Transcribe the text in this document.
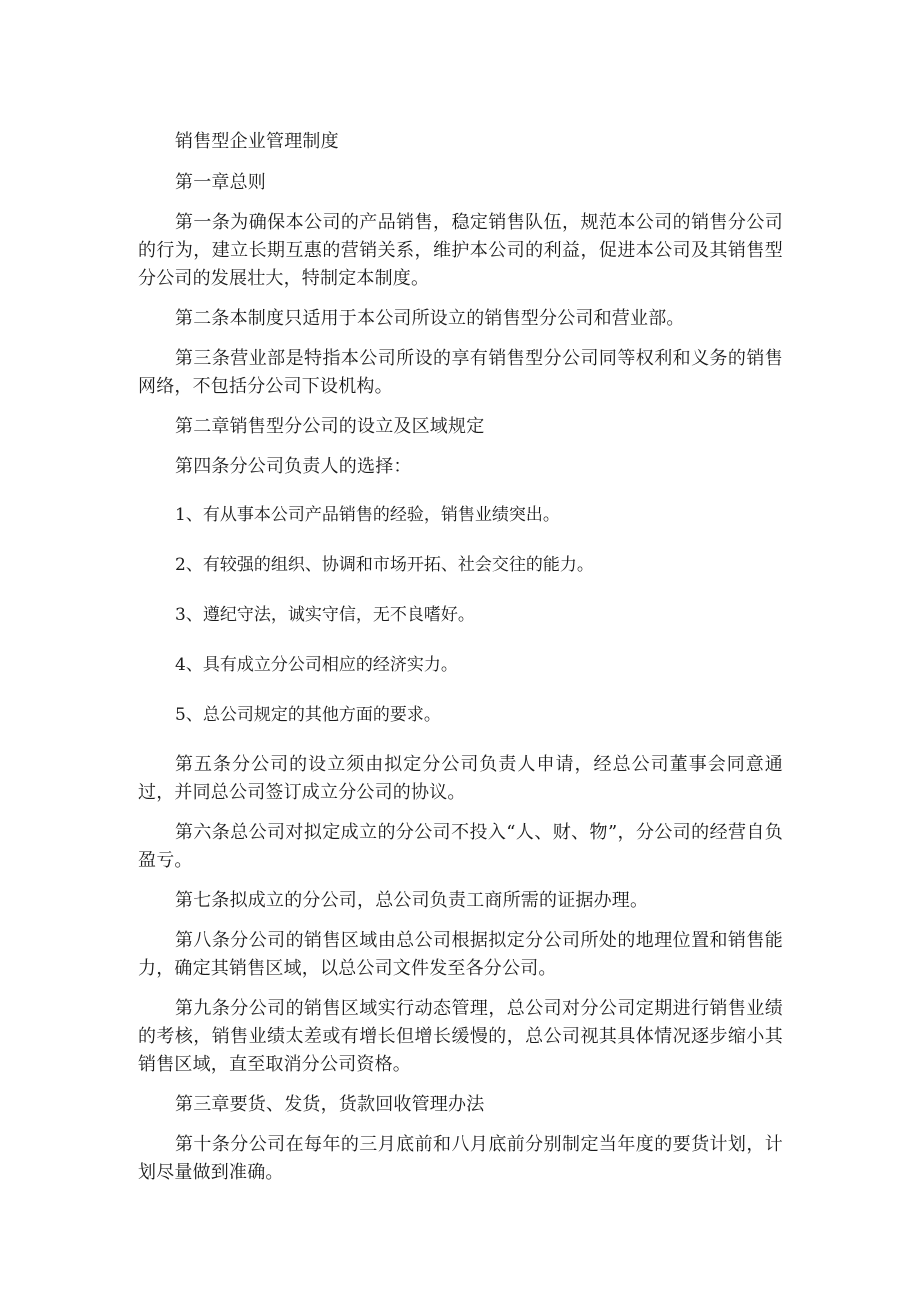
销售型企业管理制度

第一章总则

第一条为确保本公司的产品销售，稳定销售队伍，规范本公司的销售分公司的行为，建立长期互惠的营销关系，维护本公司的利益，促进本公司及其销售型分公司的发展壮大，特制定本制度。

第二条本制度只适用于本公司所设立的销售型分公司和营业部。

第三条营业部是特指本公司所设的享有销售型分公司同等权利和义务的销售网络，不包括分公司下设机构。

第二章销售型分公司的设立及区域规定

第四条分公司负责人的选择：

1、有从事本公司产品销售的经验，销售业绩突出。

2、有较强的组织、协调和市场开拓、社会交往的能力。

3、遵纪守法，诚实守信，无不良嗜好。

4、具有成立分公司相应的经济实力。

5、总公司规定的其他方面的要求。

第五条分公司的设立须由拟定分公司负责人申请，经总公司董事会同意通过，并同总公司签订成立分公司的协议。

第六条总公司对拟定成立的分公司不投入“人、财、物”，分公司的经营自负盈亏。

第七条拟成立的分公司，总公司负责工商所需的证据办理。

第八条分公司的销售区域由总公司根据拟定分公司所处的地理位置和销售能力，确定其销售区域，以总公司文件发至各分公司。

第九条分公司的销售区域实行动态管理，总公司对分公司定期进行销售业绩的考核，销售业绩太差或有增长但增长缓慢的，总公司视其具体情况逐步缩小其销售区域，直至取消分公司资格。

第三章要货、发货，货款回收管理办法

第十条分公司在每年的三月底前和八月底前分别制定当年度的要货计划，计划尽量做到准确。
